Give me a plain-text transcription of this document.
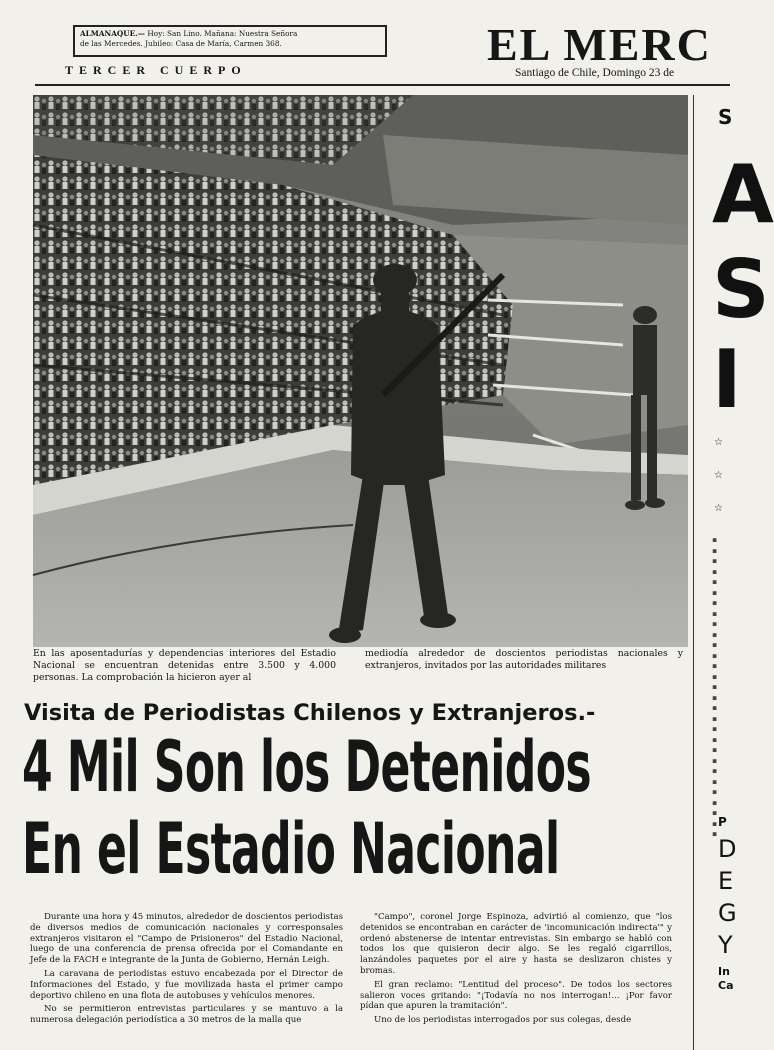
ALMANAQUE.— Hoy: San Lino. Mañana: Nuestra Señora
de las Mercedes. Jubileo: Casa de María, Carmen 368.
TERCER CUERPO	EL MERC
Santiago de Chile, Domingo 23 de
En las aposentadurías y dependencias interiores del Estadio Nacional se encuentran detenidas entre 3.500 y 4.000 personas. La comprobación la hicieron ayer al
mediodía alrededor de doscientos periodistas nacionales y extranjeros, invitados por las autoridades militares
Visita de Periodistas Chilenos y Extranjeros.-
4 Mil Son los Detenidos
En el Estadio Nacional

Durante una hora y 45 minutos, alrededor de doscientos periodistas de diversos medios de comunicación nacionales y corresponsales extranjeros visitaron el "Campo de Prisioneros" del Estadio Nacional, luego de una conferencia de prensa ofrecida por el Comandante en Jefe de la FACH e integrante de la Junta de Gobierno, Hernán Leigh.

La caravana de periodistas estuvo encabezada por el Director de Informaciones del Estado, y fue movilizada hasta el primer campo deportivo chileno en una flota de autobuses y vehículos menores.

No se permitieron entrevistas particulares y se mantuvo a la numerosa delegación periodística a 30 metros de la malla que

"Campo", coronel Jorge Espinoza, advirtió al comienzo, que "los detenidos se encontraban en carácter de 'incomunicación indirecta'" y ordenó abstenerse de intentar entrevistas. Sin embargo se habló con todos los que quisieron decir algo. Se les regaló cigarrillos, lanzándoles paquetes por el aire y hasta se deslizaron chistes y bromas.

El gran reclamo: "Lentitud del proceso". De todos los sectores salieron voces gritando: "¡Todavía no nos interrogan!... ¡Por favor pídan que apuren la tramitación".

Uno de los periodistas interrogados por sus colegas, desde

S
A
S
I
☆
☆
☆
▪
▪
▪
▪
▪
▪
▪
▪
▪
▪
▪
▪
▪
▪
▪
▪
▪
▪
▪
▪
▪
▪
▪
▪
▪
▪
▪
▪
▪
P
D
E
G
Y
In
Ca
